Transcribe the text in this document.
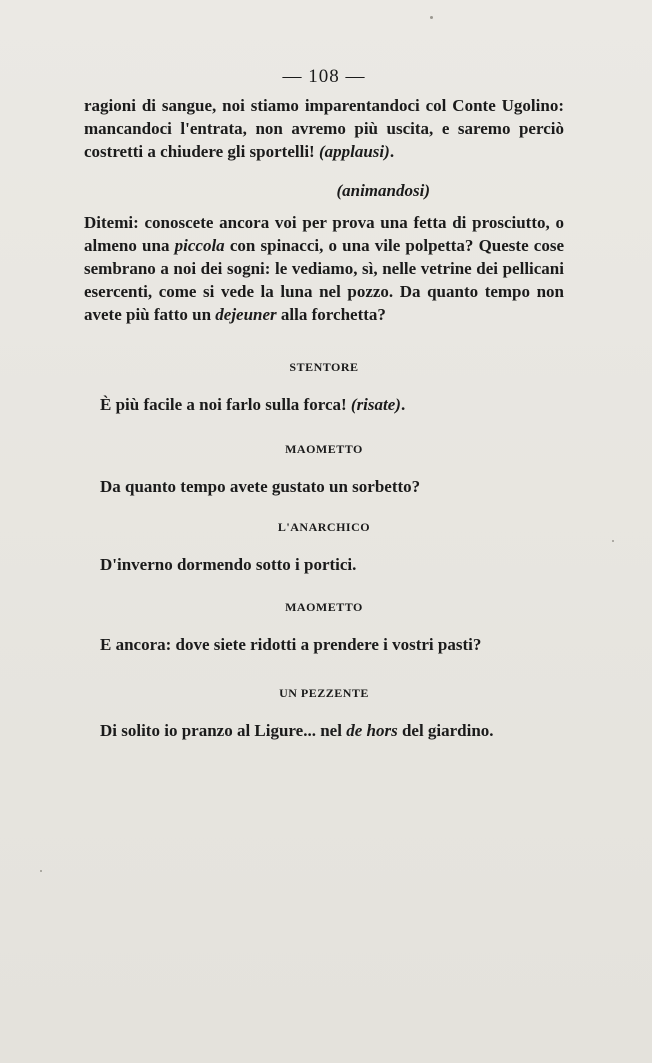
— 108 —

ragioni di sangue, noi stiamo imparentandoci col Conte Ugolino: mancandoci l'entrata, non avremo più uscita, e saremo perciò costretti a chiudere gli sportelli! (applausi).

(animandosi)

Ditemi: conoscete ancora voi per prova una fetta di prosciutto, o almeno una piccola con spinacci, o una vile polpetta? Queste cose sembrano a noi dei sogni: le vediamo, sì, nelle vetrine dei pellicani esercenti, come si vede la luna nel pozzo. Da quanto tempo non avete più fatto un dejeuner alla forchetta?

STENTORE
È più facile a noi farlo sulla forca! (risate).
MAOMETTO
Da quanto tempo avete gustato un sorbetto?
L'ANARCHICO
D'inverno dormendo sotto i portici.
MAOMETTO
E ancora: dove siete ridotti a prendere i vostri pasti?
UN PEZZENTE
Di solito io pranzo al Ligure... nel de hors del giardino.
